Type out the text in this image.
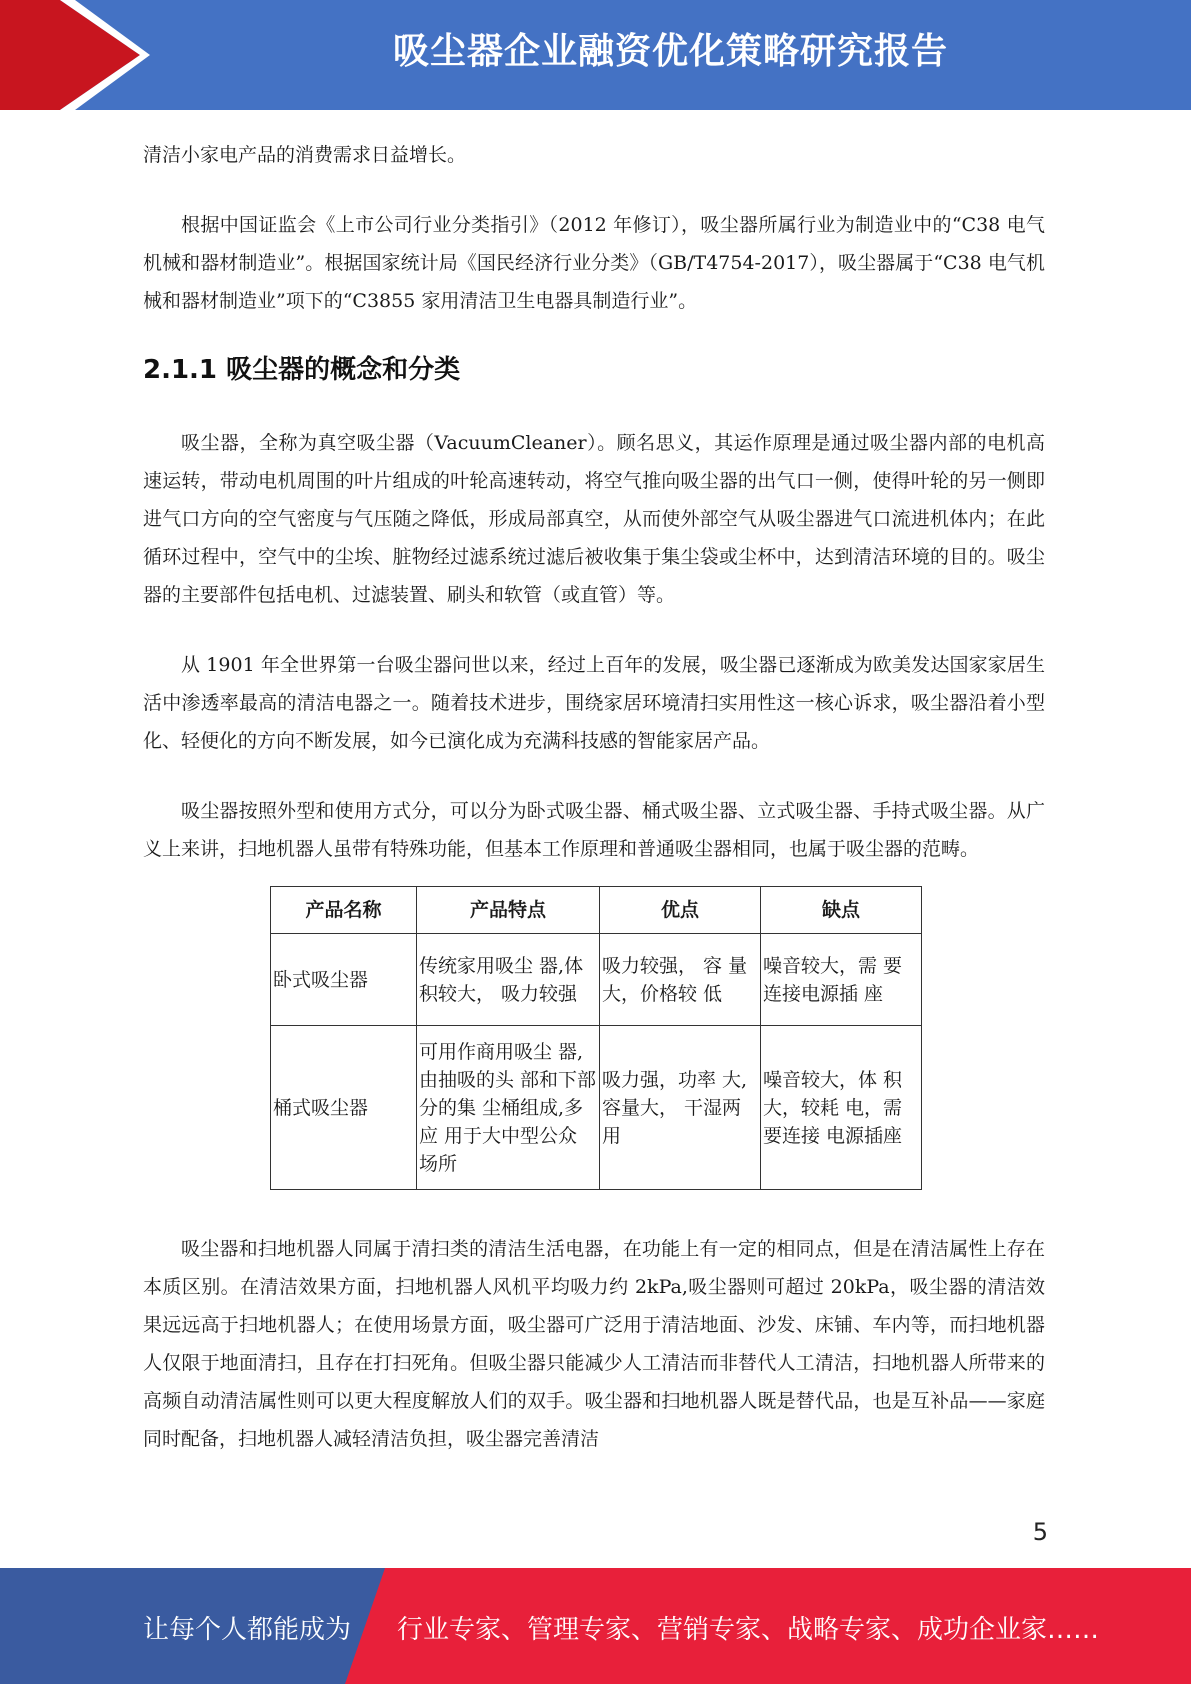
吸尘器企业融资优化策略研究报告

清洁小家电产品的消费需求日益增长。

根据中国证监会《上市公司行业分类指引》（2012 年修订），吸尘器所属行业为制造业中的“C38 电气机械和器材制造业”。根据国家统计局《国民经济行业分类》（GB/T4754-2017），吸尘器属于“C38 电气机械和器材制造业”项下的“C3855 家用清洁卫生电器具制造行业”。

2.1.1 吸尘器的概念和分类

吸尘器，全称为真空吸尘器（VacuumCleaner）。顾名思义，其运作原理是通过吸尘器内部的电机高速运转，带动电机周围的叶片组成的叶轮高速转动，将空气推向吸尘器的出气口一侧，使得叶轮的另一侧即进气口方向的空气密度与气压随之降低，形成局部真空，从而使外部空气从吸尘器进气口流进机体内；在此循环过程中，空气中的尘埃、脏物经过滤系统过滤后被收集于集尘袋或尘杯中，达到清洁环境的目的。吸尘器的主要部件包括电机、过滤装置、刷头和软管（或直管）等。

从 1901 年全世界第一台吸尘器问世以来，经过上百年的发展，吸尘器已逐渐成为欧美发达国家家居生活中渗透率最高的清洁电器之一。随着技术进步，围绕家居环境清扫实用性这一核心诉求，吸尘器沿着小型化、轻便化的方向不断发展，如今已演化成为充满科技感的智能家居产品。

吸尘器按照外型和使用方式分，可以分为卧式吸尘器、桶式吸尘器、立式吸尘器、手持式吸尘器。从广义上来讲，扫地机器人虽带有特殊功能，但基本工作原理和普通吸尘器相同，也属于吸尘器的范畴。

产品名称	产品特点	优点	缺点
卧式吸尘器	传统家用吸尘 器,体积较大， 吸力较强	吸力较强， 容 量大，价格较 低	噪音较大，需 要连接电源插 座
桶式吸尘器	可用作商用吸尘 器,由抽吸的头 部和下部分的集 尘桶组成,多应 用于大中型公众 场所	吸力强，功率 大,容量大， 干湿两用	噪音较大，体 积大，较耗 电，需要连接 电源插座

吸尘器和扫地机器人同属于清扫类的清洁生活电器，在功能上有一定的相同点，但是在清洁属性上存在本质区别。在清洁效果方面，扫地机器人风机平均吸力约 2kPa,吸尘器则可超过 20kPa，吸尘器的清洁效果远远高于扫地机器人；在使用场景方面，吸尘器可广泛用于清洁地面、沙发、床铺、车内等，而扫地机器人仅限于地面清扫，且存在打扫死角。但吸尘器只能减少人工清洁而非替代人工清洁，扫地机器人所带来的高频自动清洁属性则可以更大程度解放人们的双手。吸尘器和扫地机器人既是替代品，也是互补品——家庭同时配备，扫地机器人减轻清洁负担，吸尘器完善清洁

5
让每个人都能成为 行业专家、管理专家、营销专家、战略专家、成功企业家……
